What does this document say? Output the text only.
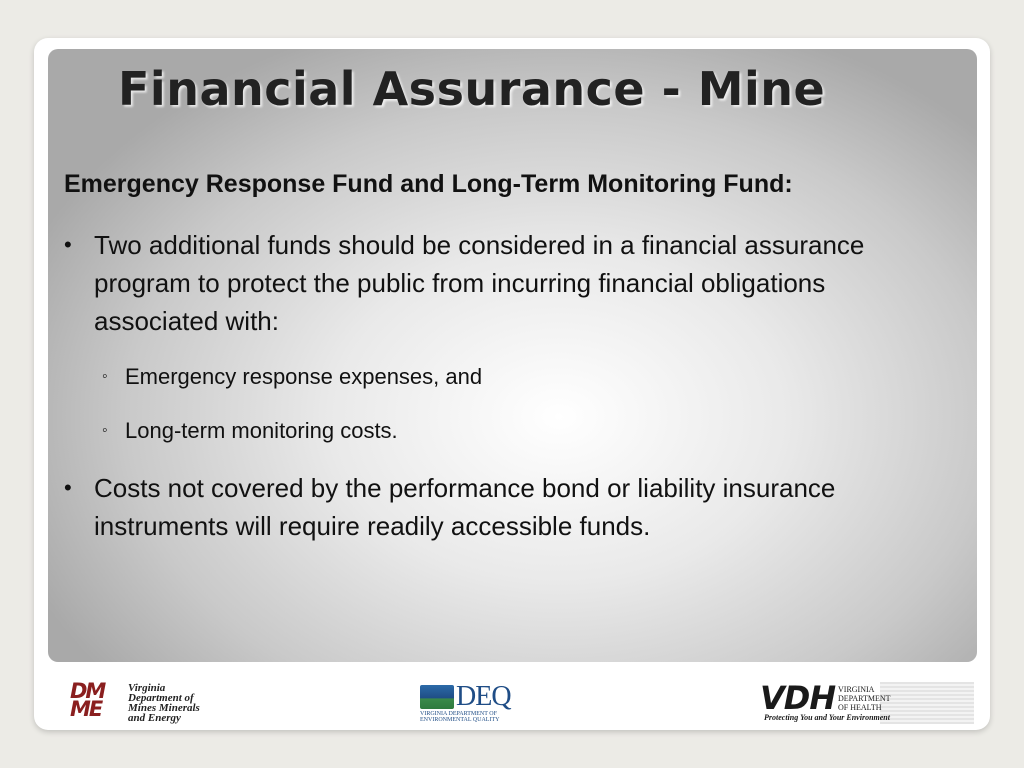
Financial Assurance - Mine

Emergency Response Fund and Long-Term Monitoring Fund:

• Two additional funds should be considered in a financial assurance program to protect the public from incurring financial obligations associated with:
◦ Emergency response expenses, and
◦ Long-term monitoring costs.
• Costs not covered by the performance bond or liability insurance instruments will require readily accessible funds.
DM ME
Virginia
Department of
Mines Minerals
and Energy
DEQ
VIRGINIA DEPARTMENT OF
ENVIRONMENTAL QUALITY
VDH VIRGINIA
DEPARTMENT
OF HEALTH
Protecting You and Your Environment
